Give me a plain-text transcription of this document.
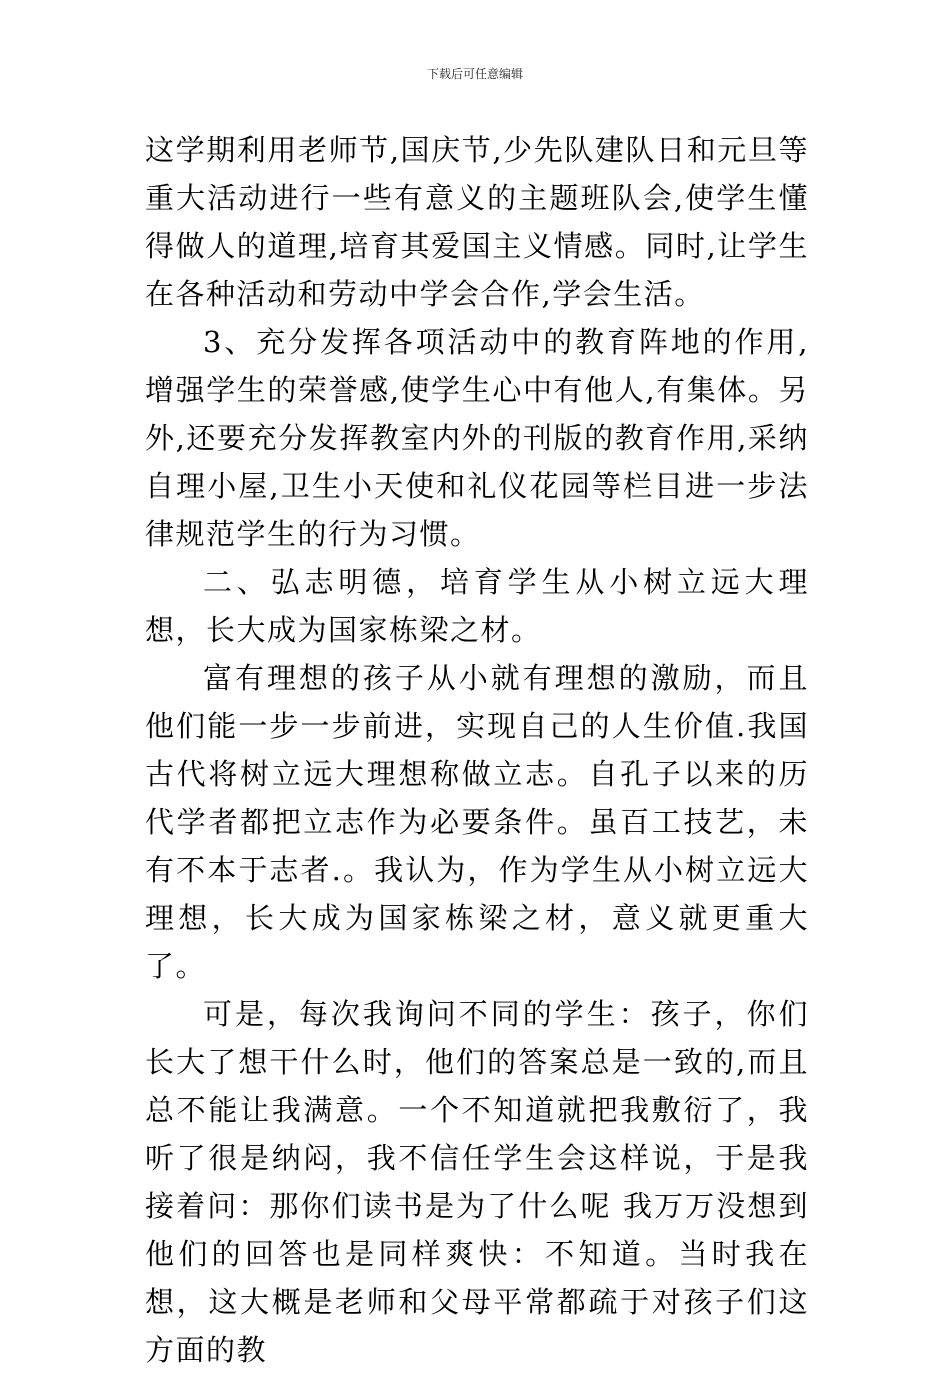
下载后可任意编辑

这学期利用老师节,国庆节,少先队建队日和元旦等重大活动进行一些有意义的主题班队会,使学生懂得做人的道理,培育其爱国主义情感。同时,让学生在各种活动和劳动中学会合作,学会生活。

3、充分发挥各项活动中的教育阵地的作用,增强学生的荣誉感,使学生心中有他人,有集体。另外,还要充分发挥教室内外的刊版的教育作用,采纳自理小屋,卫生小天使和礼仪花园等栏目进一步法律规范学生的行为习惯。

二、弘志明德，培育学生从小树立远大理想，长大成为国家栋梁之材。

富有理想的孩子从小就有理想的激励，而且他们能一步一步前进，实现自己的人生价值.我国古代将树立远大理想称做立志。自孔子以来的历代学者都把立志作为必要条件。虽百工技艺，未有不本于志者.。我认为，作为学生从小树立远大理想，长大成为国家栋梁之材，意义就更重大了。

可是，每次我询问不同的学生：孩子，你们长大了想干什么时，他们的答案总是一致的,而且总不能让我满意。一个不知道就把我敷衍了，我听了很是纳闷，我不信任学生会这样说，于是我接着问：那你们读书是为了什么呢 我万万没想到他们的回答也是同样爽快：不知道。当时我在想，这大概是老师和父母平常都疏于对孩子们这方面的教
